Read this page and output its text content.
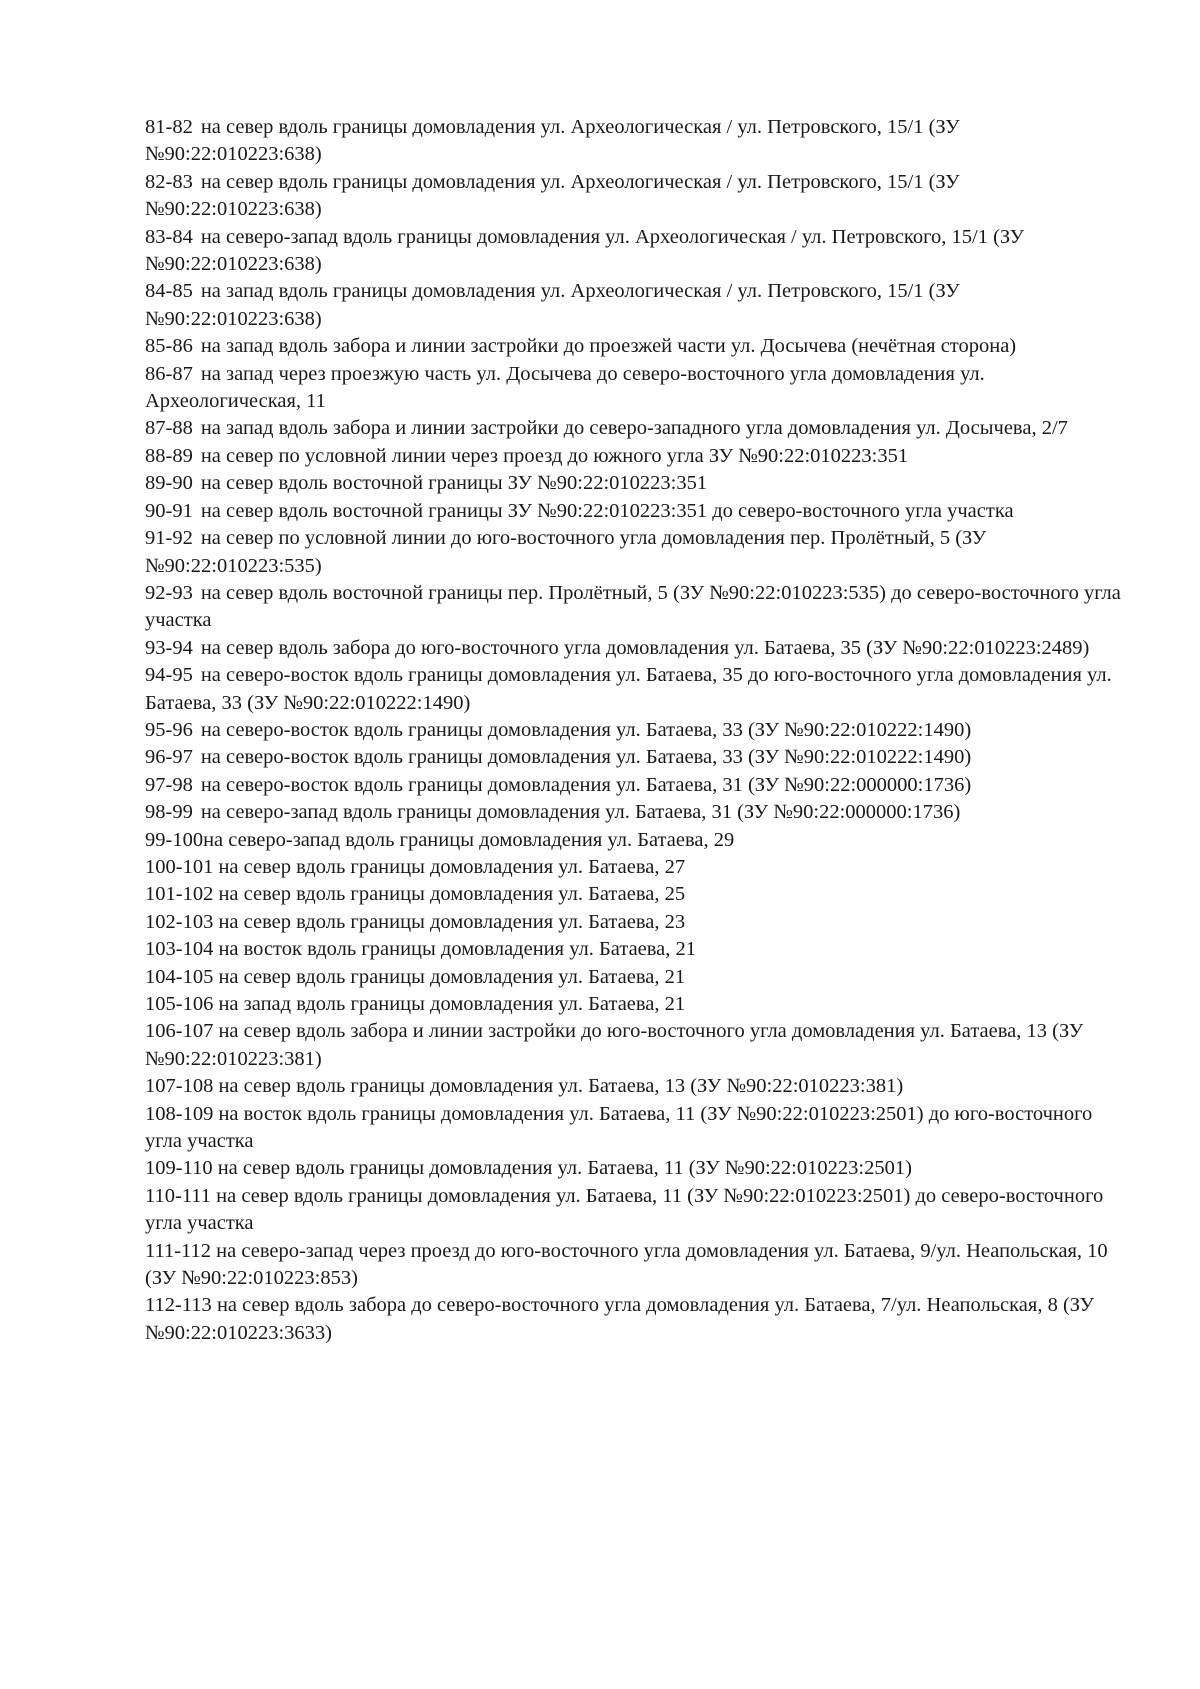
81-82 на север вдоль границы домовладения ул. Археологическая / ул. Петровского, 15/1 (ЗУ №90:22:010223:638)

82-83 на север вдоль границы домовладения ул. Археологическая / ул. Петровского, 15/1 (ЗУ №90:22:010223:638)

83-84 на северо-запад вдоль границы домовладения ул. Археологическая / ул. Петровского, 15/1 (ЗУ №90:22:010223:638)

84-85 на запад вдоль границы домовладения ул. Археологическая / ул. Петровского, 15/1 (ЗУ №90:22:010223:638)

85-86 на запад вдоль забора и линии застройки до проезжей части ул. Досычева (нечётная сторона)

86-87 на запад через проезжую часть ул. Досычева до северо-восточного угла домовладения ул. Археологическая, 11

87-88 на запад вдоль забора и линии застройки до северо-западного угла домовладения ул. Досычева, 2/7

88-89 на север по условной линии через проезд до южного угла ЗУ №90:22:010223:351

89-90 на север вдоль восточной границы ЗУ №90:22:010223:351

90-91 на север вдоль восточной границы ЗУ №90:22:010223:351 до северо-восточного угла участка

91-92 на север по условной линии до юго-восточного угла домовладения пер. Пролётный, 5 (ЗУ №90:22:010223:535)

92-93 на север вдоль восточной границы пер. Пролётный, 5 (ЗУ №90:22:010223:535) до северо-восточного угла участка

93-94 на север вдоль забора до юго-восточного угла домовладения ул. Батаева, 35 (ЗУ №90:22:010223:2489)

94-95 на северо-восток вдоль границы домовладения ул. Батаева, 35 до юго-восточного угла домовладения ул. Батаева, 33 (ЗУ №90:22:010222:1490)

95-96 на северо-восток вдоль границы домовладения ул. Батаева, 33 (ЗУ №90:22:010222:1490)

96-97 на северо-восток вдоль границы домовладения ул. Батаева, 33 (ЗУ №90:22:010222:1490)

97-98 на северо-восток вдоль границы домовладения ул. Батаева, 31 (ЗУ №90:22:000000:1736)

98-99 на северо-запад вдоль границы домовладения ул. Батаева, 31 (ЗУ №90:22:000000:1736)

99-100на северо-запад вдоль границы домовладения ул. Батаева, 29

100-101 на север вдоль границы домовладения ул. Батаева, 27

101-102 на север вдоль границы домовладения ул. Батаева, 25

102-103 на север вдоль границы домовладения ул. Батаева, 23

103-104 на восток вдоль границы домовладения ул. Батаева, 21

104-105 на север вдоль границы домовладения ул. Батаева, 21

105-106 на запад вдоль границы домовладения ул. Батаева, 21

106-107 на север вдоль забора и линии застройки до юго-восточного угла домовладения ул. Батаева, 13 (ЗУ №90:22:010223:381)

107-108 на север вдоль границы домовладения ул. Батаева, 13 (ЗУ №90:22:010223:381)

108-109 на восток вдоль границы домовладения ул. Батаева, 11 (ЗУ №90:22:010223:2501) до юго-восточного угла участка

109-110 на север вдоль границы домовладения ул. Батаева, 11 (ЗУ №90:22:010223:2501)

110-111 на север вдоль границы домовладения ул. Батаева, 11 (ЗУ №90:22:010223:2501) до северо-восточного угла участка

111-112 на северо-запад через проезд до юго-восточного угла домовладения ул. Батаева, 9/ул. Неапольская, 10 (ЗУ №90:22:010223:853)

112-113 на север вдоль забора до северо-восточного угла домовладения ул. Батаева, 7/ул. Неапольская, 8 (ЗУ №90:22:010223:3633)
